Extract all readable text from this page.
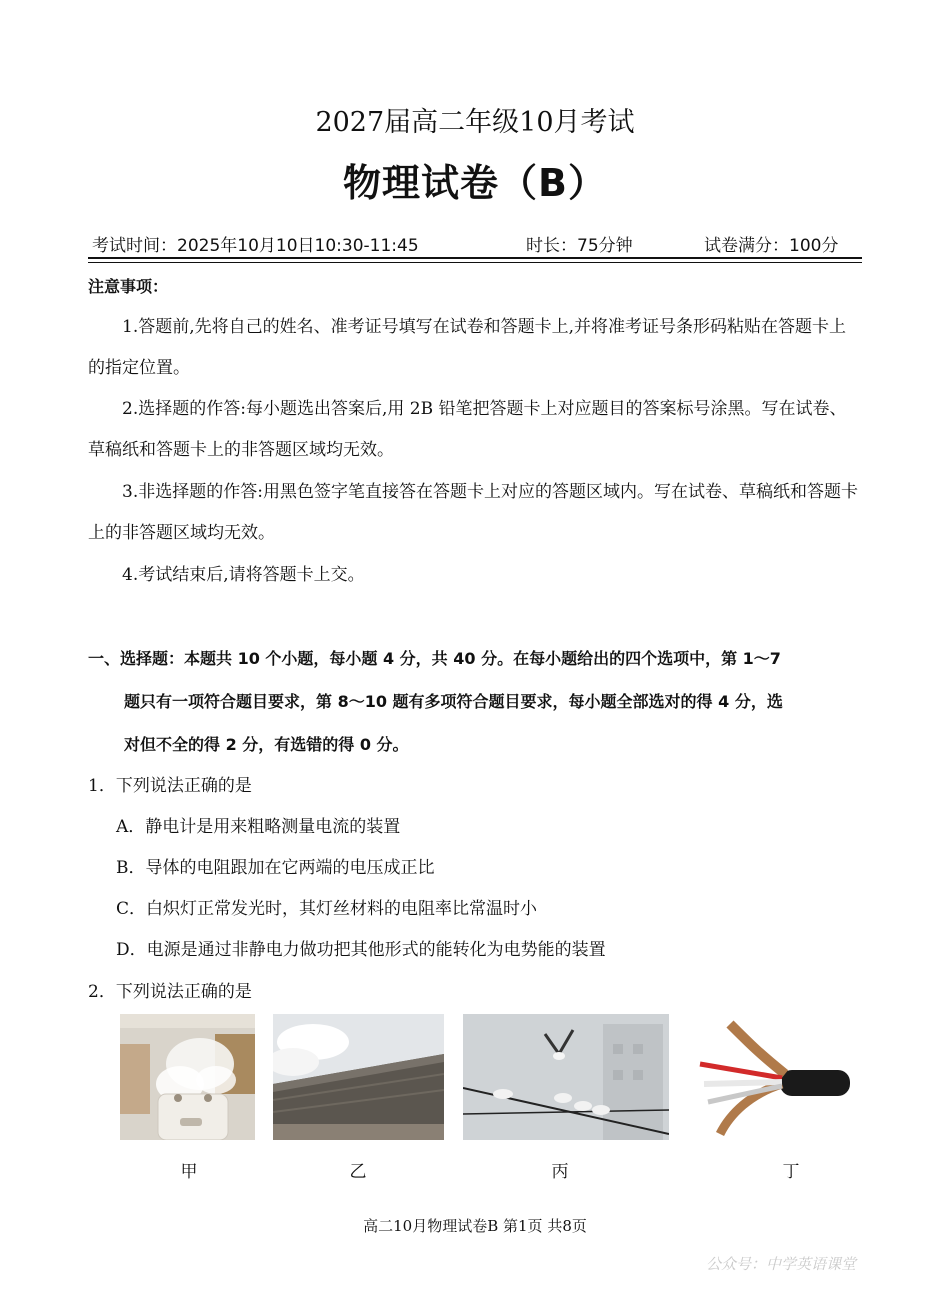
2027届高二年级10月考试
物理试卷（B）
考试时间：2025年10月10日10:30-11:45	时长：75分钟	试卷满分：100分
注意事项：
1.答题前,先将自己的姓名、准考证号填写在试卷和答题卡上,并将准考证号条形码粘贴在答题卡上的指定位置。
2.选择题的作答:每小题选出答案后,用 2B 铅笔把答题卡上对应题目的答案标号涂黑。写在试卷、草稿纸和答题卡上的非答题区域均无效。
3.非选择题的作答:用黑色签字笔直接答在答题卡上对应的答题区域内。写在试卷、草稿纸和答题卡上的非答题区域均无效。
4.考试结束后,请将答题卡上交。
一、选择题：本题共 10 个小题，每小题 4 分，共 40 分。在每小题给出的四个选项中，第 1～7
题只有一项符合题目要求，第 8～10 题有多项符合题目要求，每小题全部选对的得 4 分，选
对但不全的得 2 分，有选错的得 0 分。
1．下列说法正确的是
A．静电计是用来粗略测量电流的装置
B．导体的电阻跟加在它两端的电压成正比
C．白炽灯正常发光时，其灯丝材料的电阻率比常温时小
D．电源是通过非静电力做功把其他形式的能转化为电势能的装置
2．下列说法正确的是
甲	乙	丙	丁
高二10月物理试卷B 第1页 共8页
公众号：中学英语课堂
